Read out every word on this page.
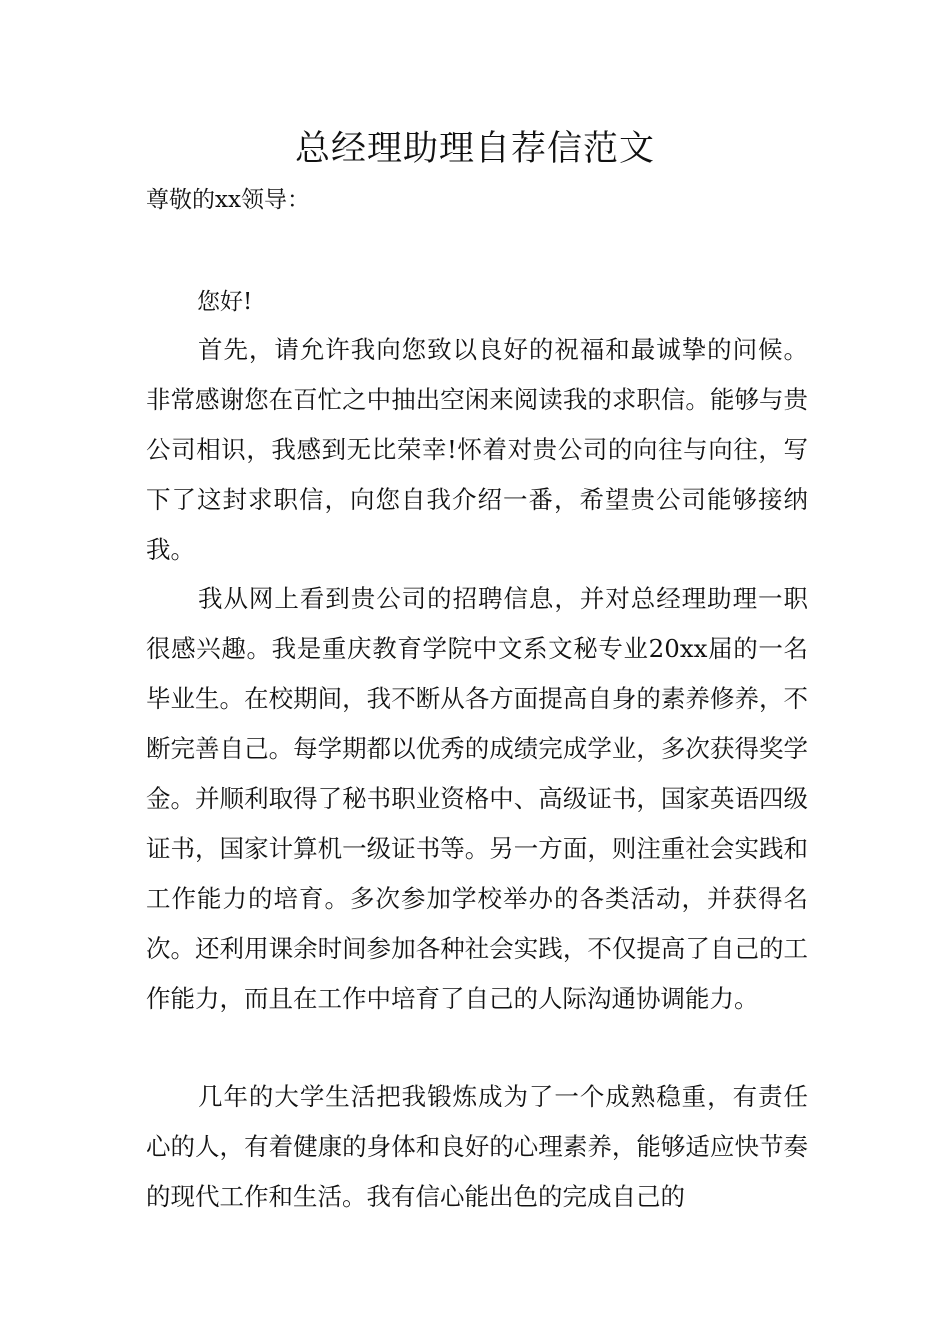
总经理助理自荐信范文
尊敬的xx领导：
您好!

首先，请允许我向您致以良好的祝福和最诚挚的问候。非常感谢您在百忙之中抽出空闲来阅读我的求职信。能够与贵公司相识，我感到无比荣幸!怀着对贵公司的向往与向往，写下了这封求职信，向您自我介绍一番，希望贵公司能够接纳我。

我从网上看到贵公司的招聘信息，并对总经理助理一职很感兴趣。我是重庆教育学院中文系文秘专业20xx届的一名毕业生。在校期间，我不断从各方面提高自身的素养修养，不断完善自己。每学期都以优秀的成绩完成学业，多次获得奖学金。并顺利取得了秘书职业资格中、高级证书，国家英语四级证书，国家计算机一级证书等。另一方面，则注重社会实践和工作能力的培育。多次参加学校举办的各类活动，并获得名次。还利用课余时间参加各种社会实践，不仅提高了自己的工作能力，而且在工作中培育了自己的人际沟通协调能力。

几年的大学生活把我锻炼成为了一个成熟稳重，有责任心的人，有着健康的身体和良好的心理素养，能够适应快节奏的现代工作和生活。我有信心能出色的完成自己的
